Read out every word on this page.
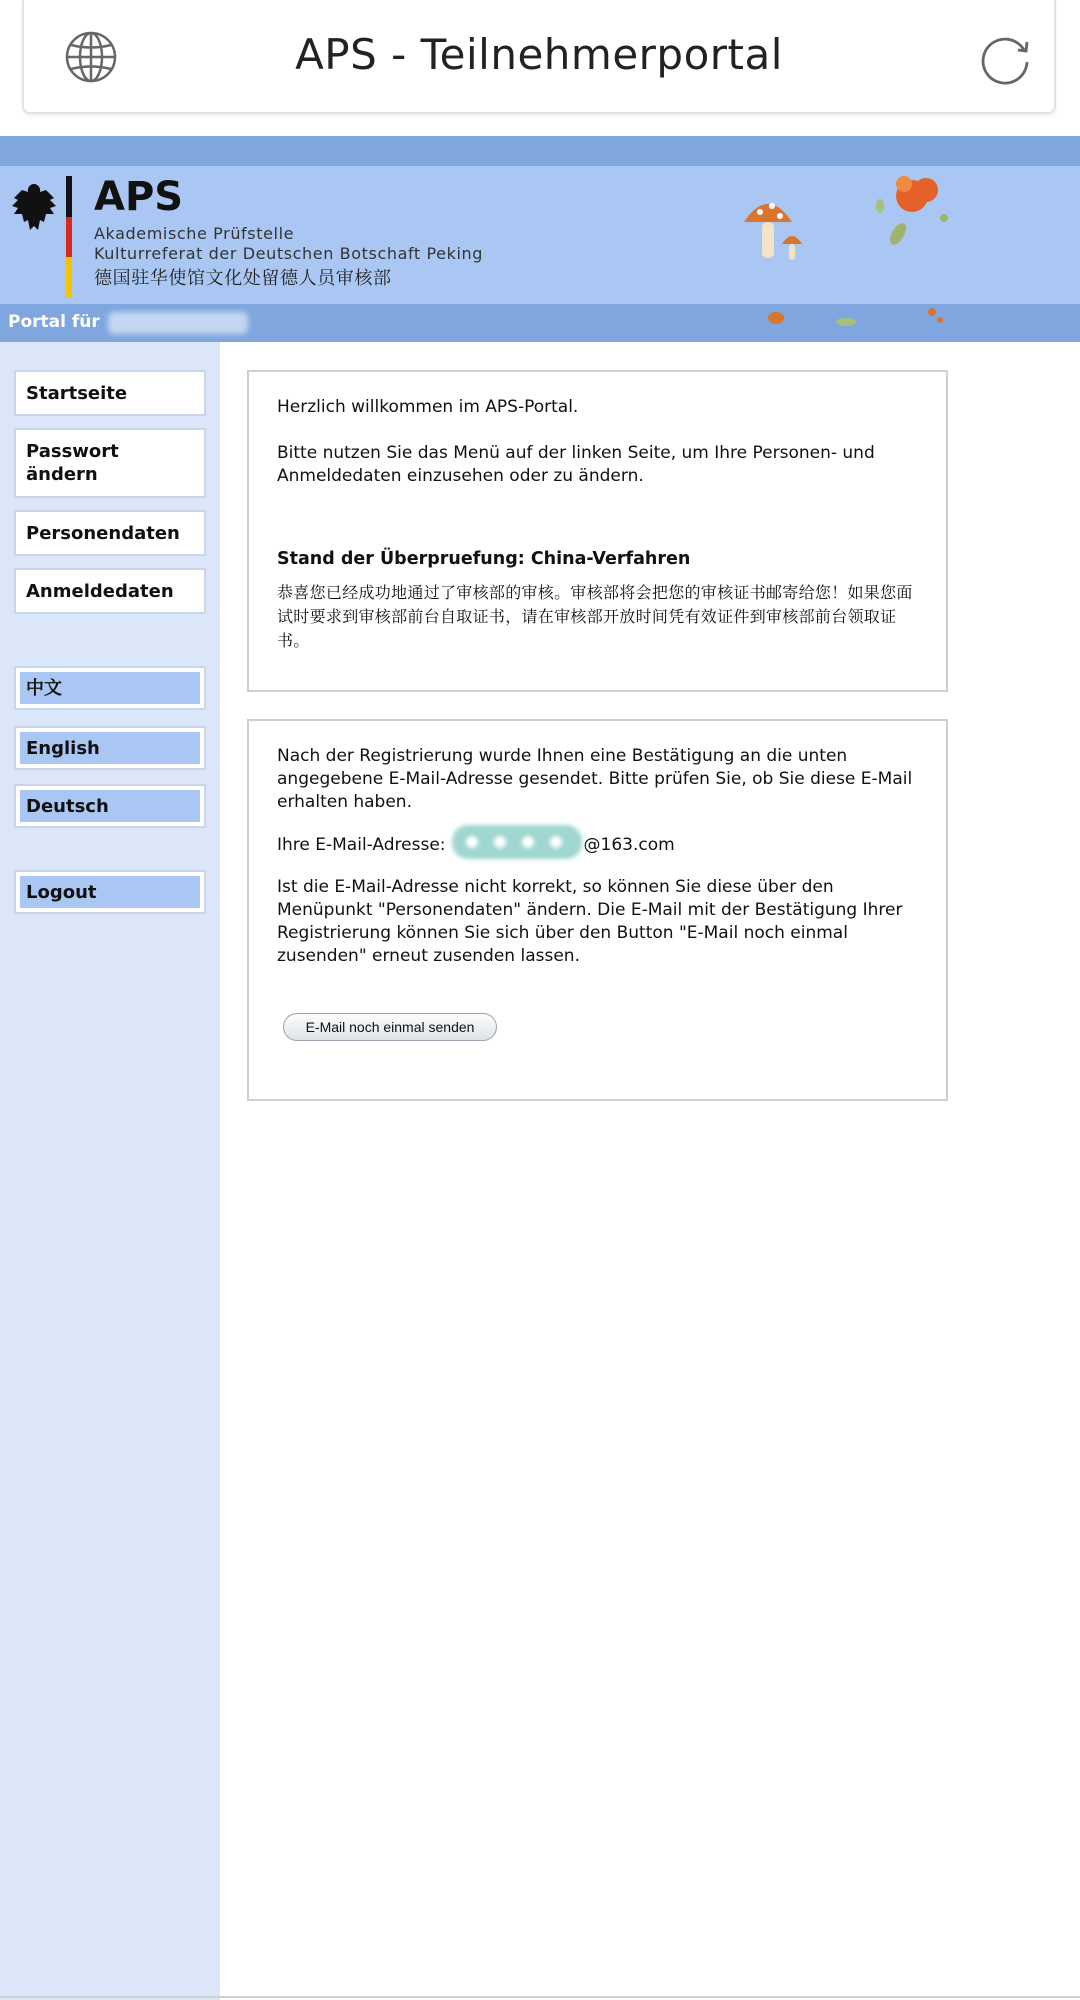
APS - Teilnehmerportal
APS
Akademische Prüfstelle
Kulturreferat der Deutschen Botschaft Peking
德国驻华使馆文化处留德人员审核部
Portal für
Startseite
Passwort ändern
Personendaten
Anmeldedaten
中文
English
Deutsch
Logout
Herzlich willkommen im APS-Portal.
Bitte nutzen Sie das Menü auf der linken Seite, um Ihre Personen- und Anmeldedaten einzusehen oder zu ändern.
Stand der Überpruefung: China-Verfahren
恭喜您已经成功地通过了审核部的审核。审核部将会把您的审核证书邮寄给您！如果您面试时要求到审核部前台自取证书，请在审核部开放时间凭有效证件到审核部前台领取证书。
Nach der Registrierung wurde Ihnen eine Bestätigung an die unten angegebene E-Mail-Adresse gesendet. Bitte prüfen Sie, ob Sie diese E-Mail erhalten haben.
Ihre E-Mail-Adresse:	@163.com
Ist die E-Mail-Adresse nicht korrekt, so können Sie diese über den Menüpunkt "Personendaten" ändern. Die E-Mail mit der Bestätigung Ihrer Registrierung können Sie sich über den Button "E-Mail noch einmal zusenden" erneut zusenden lassen.
E-Mail noch einmal senden
